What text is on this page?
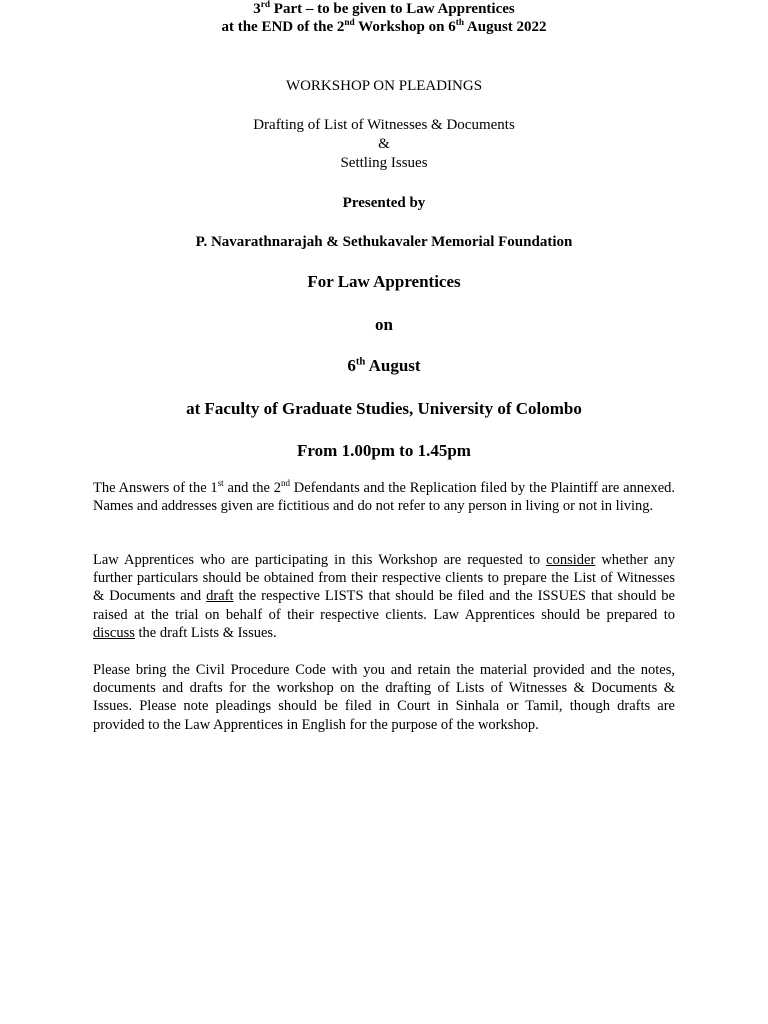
3rd Part – to be given to Law Apprentices

at the END of the 2nd Workshop on 6th August 2022

WORKSHOP ON PLEADINGS

Drafting of List of Witnesses & Documents

&

Settling Issues

Presented by

P. Navarathnarajah & Sethukavaler Memorial Foundation

For Law Apprentices

on

6th August

at Faculty of Graduate Studies, University of Colombo

From 1.00pm to 1.45pm

The Answers of the 1st and the 2nd Defendants and the Replication filed by the Plaintiff are annexed. Names and addresses given are fictitious and do not refer to any person in living or not in living.

Law Apprentices who are participating in this Workshop are requested to consider whether any further particulars should be obtained from their respective clients to prepare the List of Witnesses & Documents and draft the respective LISTS that should be filed and the ISSUES that should be raised at the trial on behalf of their respective clients. Law Apprentices should be prepared to discuss the draft Lists & Issues.

Please bring the Civil Procedure Code with you and retain the material provided and the notes, documents and drafts for the workshop on the drafting of Lists of Witnesses & Documents & Issues. Please note pleadings should be filed in Court in Sinhala or Tamil, though drafts are provided to the Law Apprentices in English for the purpose of the workshop.
